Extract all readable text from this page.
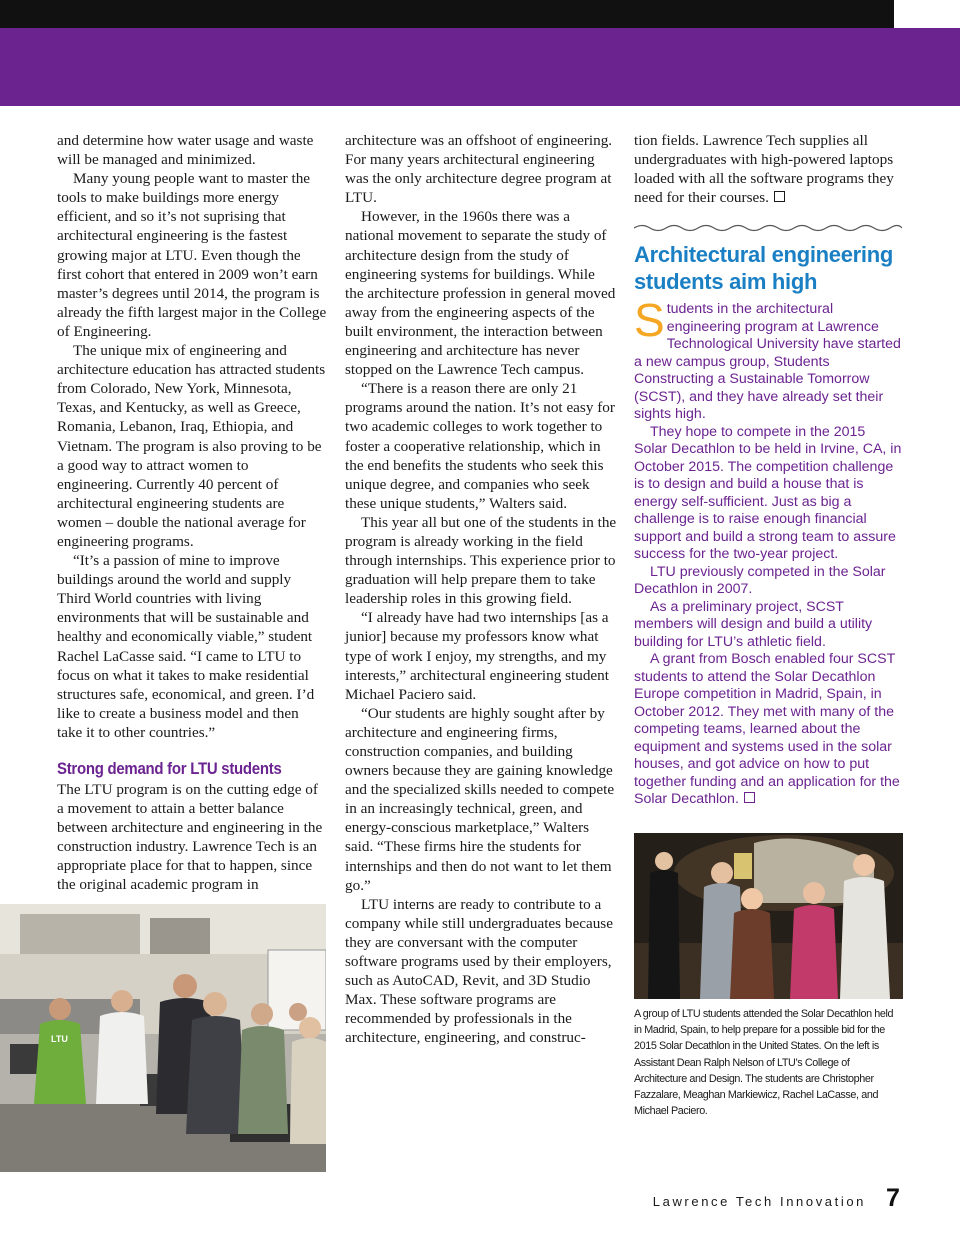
and determine how water usage and waste will be managed and minimized.

Many young people want to master the tools to make buildings more energy efficient, and so it’s not suprising that architectural engineering is the fastest growing major at LTU. Even though the first cohort that entered in 2009 won’t earn master’s degrees until 2014, the program is already the fifth largest major in the College of Engineering.

The unique mix of engineering and architecture education has attracted students from Colorado, New York, Minnesota, Texas, and Kentucky, as well as Greece, Romania, Lebanon, Iraq, Ethiopia, and Vietnam. The program is also proving to be a good way to attract women to engineering. Currently 40 percent of architectural engineering students are women – double the national average for engineering programs.

“It’s a passion of mine to improve buildings around the world and supply Third World countries with living environments that will be sustainable and healthy and economically viable,” student Rachel LaCasse said. “I came to LTU to focus on what it takes to make residential structures safe, economical, and green. I’d like to create a business model and then take it to other countries.”

Strong demand for LTU students

The LTU program is on the cutting edge of a movement to attain a better balance between architecture and engineering in the construction industry. Lawrence Tech is an appropriate place for that to happen, since the original academic program in

architecture was an offshoot of engineering. For many years architectural engineering was the only architecture degree program at LTU.

However, in the 1960s there was a national movement to separate the study of architecture design from the study of engineering systems for buildings. While the architecture profession in general moved away from the engineering aspects of the built environment, the interaction between engineering and architecture has never stopped on the Lawrence Tech campus.

“There is a reason there are only 21 programs around the nation. It’s not easy for two academic colleges to work together to foster a cooperative relationship, which in the end benefits the students who seek this unique degree, and companies who seek these unique students,” Walters said.

This year all but one of the students in the program is already working in the field through internships. This experience prior to graduation will help prepare them to take leadership roles in this growing field.

“I already have had two internships [as a junior] because my professors know what type of work I enjoy, my strengths, and my interests,” architectural engineering student Michael Paciero said.

“Our students are highly sought after by architecture and engineering firms, construction companies, and building owners because they are gaining knowledge and the specialized skills needed to compete in an increasingly technical, green, and energy-conscious marketplace,” Walters said. “These firms hire the students for internships and then do not want to let them go.”

LTU interns are ready to contribute to a company while still undergraduates because they are conversant with the computer software programs used by their employers, such as AutoCAD, Revit, and 3D Studio Max. These software programs are recommended by professionals in the architecture, engineering, and construc-

tion fields. Lawrence Tech supplies all undergraduates with high-powered laptops loaded with all the software programs they need for their courses.

Architectural engineering
students aim high

Students in the architectural engineering program at Lawrence Technological University have started a new campus group, Students Constructing a Sustainable Tomorrow (SCST), and they have already set their sights high.

They hope to compete in the 2015 Solar Decathlon to be held in Irvine, CA, in October 2015. The competition challenge is to design and build a house that is energy self-sufficient. Just as big a challenge is to raise enough financial support and build a strong team to assure success for the two-year project.

LTU previously competed in the Solar Decathlon in 2007.

As a preliminary project, SCST members will design and build a utility building for LTU’s athletic field.

A grant from Bosch enabled four SCST students to attend the Solar Decathlon Europe competition in Madrid, Spain, in October 2012. They met with many of the competing teams, learned about the equipment and systems used in the solar houses, and got advice on how to put together funding and an application for the Solar Decathlon.

LTU
A group of LTU students attended the Solar Decathlon held in Madrid, Spain, to help prepare for a possible bid for the 2015 Solar Decathlon in the United States. On the left is Assistant Dean Ralph Nelson of LTU’s College of Architecture and Design. The students are Christopher Fazzalare, Meaghan Markiewicz, Rachel LaCasse, and Michael Paciero.
Lawrence Tech Innovation 7
